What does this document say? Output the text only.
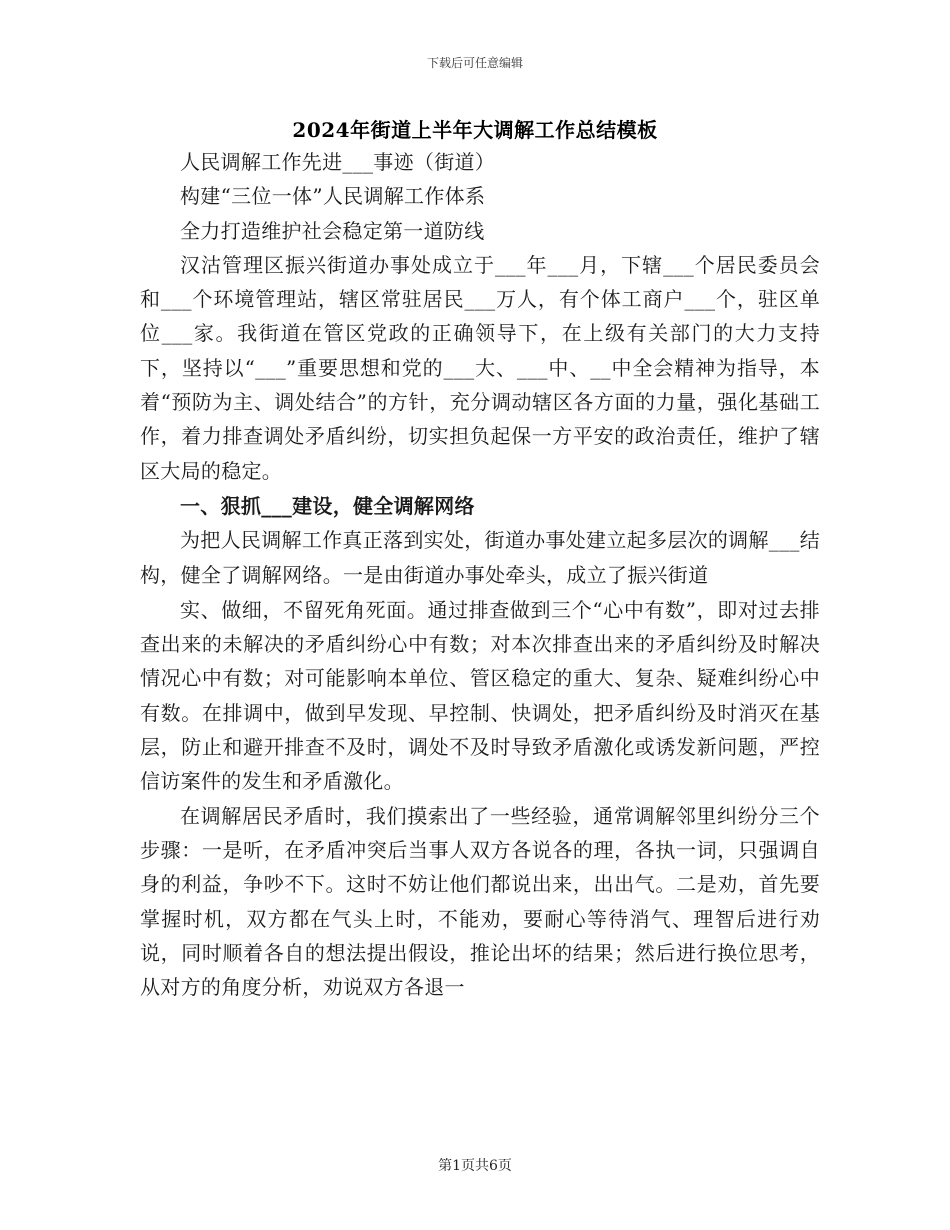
下载后可任意编辑
2024年街道上半年大调解工作总结模板

人民调解工作先进___事迹（街道）

构建“三位一体”人民调解工作体系

全力打造维护社会稳定第一道防线

汉沽管理区振兴街道办事处成立于___年___月，下辖___个居民委员会和___个环境管理站，辖区常驻居民___万人，有个体工商户___个，驻区单位___家。我街道在管区党政的正确领导下，在上级有关部门的大力支持下，坚持以“___”重要思想和党的___大、___中、__中全会精神为指导，本着“预防为主、调处结合”的方针，充分调动辖区各方面的力量，强化基础工作，着力排查调处矛盾纠纷，切实担负起保一方平安的政治责任，维护了辖区大局的稳定。

一、狠抓___建设，健全调解网络

为把人民调解工作真正落到实处，街道办事处建立起多层次的调解___结构，健全了调解网络。一是由街道办事处牵头，成立了振兴街道

实、做细，不留死角死面。通过排查做到三个“心中有数”，即对过去排查出来的未解决的矛盾纠纷心中有数；对本次排查出来的矛盾纠纷及时解决情况心中有数；对可能影响本单位、管区稳定的重大、复杂、疑难纠纷心中有数。在排调中，做到早发现、早控制、快调处，把矛盾纠纷及时消灭在基层，防止和避开排查不及时，调处不及时导致矛盾激化或诱发新问题，严控信访案件的发生和矛盾激化。

在调解居民矛盾时，我们摸索出了一些经验，通常调解邻里纠纷分三个步骤：一是听，在矛盾冲突后当事人双方各说各的理，各执一词，只强调自身的利益，争吵不下。这时不妨让他们都说出来，出出气。二是劝，首先要掌握时机，双方都在气头上时，不能劝，要耐心等待消气、理智后进行劝说，同时顺着各自的想法提出假设，推论出坏的结果；然后进行换位思考，从对方的角度分析，劝说双方各退一

第1页共6页
